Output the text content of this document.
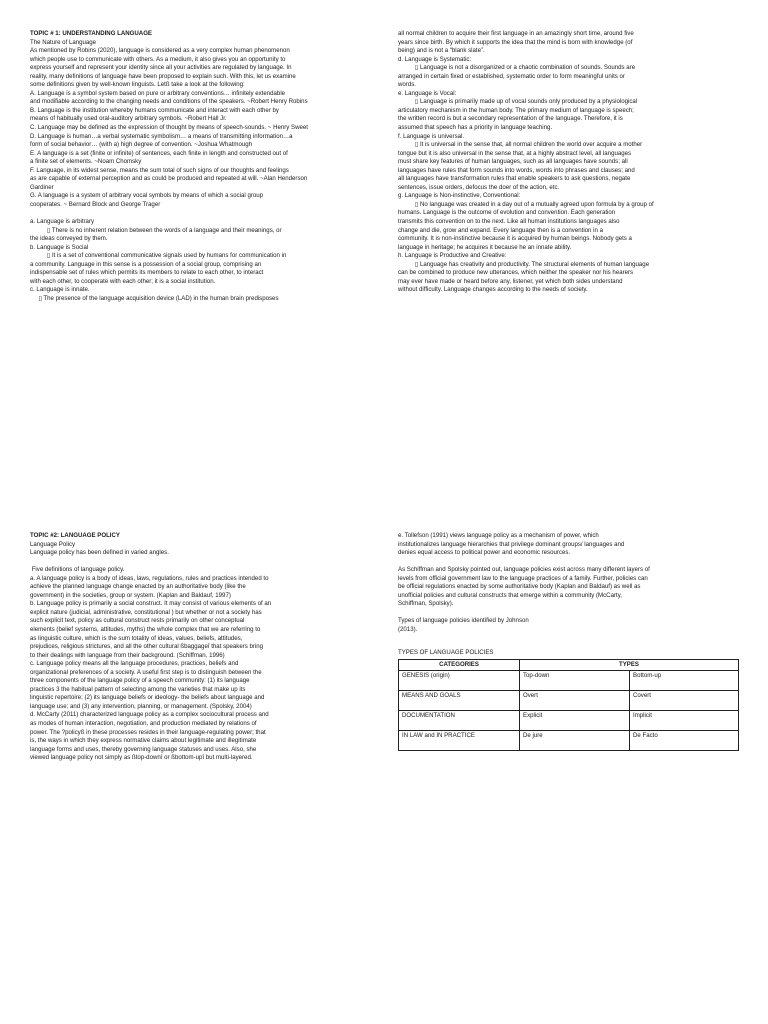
TOPIC # 1: UNDERSTANDING LANGUAGE
The Nature of Language
As mentioned by Robins (2020), language is considered as a very complex human phenomenon
which people use to communicate with others. As a medium, it also gives you an opportunity to
express yourself and represent your identity since all your activities are regulated by language. In
reality, many definitions of language have been proposed to explain such. With this, let us examine
some definitions given by well-known linguists. Letß take a look at the following:
A. Language is a symbol system based on pure or arbitrary conventions… infinitely extendable
and modifiable according to the changing needs and conditions of the speakers. ~Robert Henry Robins
B. Language is the institution whereby humans communicate and interact with each other by
means of habitually used oral-auditory arbitrary symbols. ~Robert Hall Jr.
C. Language may be defined as the expression of thought by means of speech-sounds. ~ Henry Sweet
D. Language is human…a verbal systematic symbolism… a means of transmitting information…a
form of social behavior… (with a) high degree of convention. ~Joshua Whatmough
E. A language is a set (finite or infinite) of sentences, each finite in length and constructed out of
a finite set of elements. ~Noam Chomsky
F. Language, in its widest sense, means the sum total of such signs of our thoughts and feelings
as are capable of external perception and as could be produced and repeated at will. ~Alan Henderson
Gardiner
G. A language is a system of arbitrary vocal symbols by means of which a social group
cooperates. ~ Bernard Block and George Trager
a. Language is arbitrary
▯ There is no inherent relation between the words of a language and their meanings, or
the ideas conveyed by them.
b. Language is Social
▯ It is a set of conventional communicative signals used by humans for communication in
a community. Language in this sense is a possession of a social group, comprising an
indispensable set of rules which permits its members to relate to each other, to interact
with each other, to cooperate with each other; it is a social institution.
c. Language is innate.
▯ The presence of the language acquisition device (LAD) in the human brain predisposes
all normal children to acquire their first language in an amazingly short time, around five
years since birth. By which it supports the idea that the mind is born with knowledge (of
being) and is not a “blank slate”.
d. Language is Systematic:
▯ Language is not a disorganized or a chaotic combination of sounds. Sounds are
arranged in certain fixed or established, systematic order to form meaningful units or
words.
e. Language is Vocal:
▯ Language is primarily made up of vocal sounds only produced by a physiological
articulatory mechanism in the human body. The primary medium of language is speech;
the written record is but a secondary representation of the language. Therefore, it is
assumed that speech has a priority in language teaching.
f. Language is universal.
▯ It is universal in the sense that, all normal children the world over acquire a mother
tongue but it is also universal in the sense that, at a highly abstract level, all languages
must share key features of human languages, such as all languages have sounds; all
languages have rules that form sounds into words, words into phrases and clauses; and
all languages have transformation rules that enable speakers to ask questions, negate
sentences, issue orders, defocus the doer of the action, etc.
g. Language is Non-instinctive, Conventional:
▯ No language was created in a day out of a mutually agreed upon formula by a group of
humans. Language is the outcome of evolution and convention. Each generation
transmits this convention on to the next. Like all human institutions languages also
change and die, grow and expand. Every language then is a convention in a
community. It is non-instinctive because it is acquired by human beings. Nobody gets a
language in heritage; he acquires it because he an innate ability.
h. Language is Productive and Creative:
▯ Language has creativity and productivity. The structural elements of human language
can be combined to produce new utterances, which neither the speaker nor his hearers
may ever have made or heard before any, listener, yet which both sides understand
without difficulty. Language changes according to the needs of society.
TOPIC #2: LANGUAGE POLICY
Language Policy
Language policy has been defined in varied angles.
Five definitions of language policy.
a. A language policy is a body of ideas, laws, regulations, rules and practices intended to
achieve the planned language change enacted by an authoritative body (like the
government) in the societies, group or system. (Kaplan and Baldauf, 1997)
b. Language policy is primarily a social construct. It may consist of various elements of an
explicit nature (judicial, administrative, constitutional ) but whether or not a society has
such explicit text, policy as cultural construct rests primarily on other conceptual
elements (belief systems, attitudes, myths) the whole complex that we are referring to
as linguistic culture, which is the sum totality of ideas, values, beliefs, attitudes,
prejudices, religious strictures, and all the other cultural ßbaggageî that speakers bring
to their dealings with language from their background. (Schiffman, 1996)
c. Language policy means all the language procedures, practices, beliefs and
organizational preferences of a society. A useful first step is to distinguish between the
three components of the language policy of a speech community: (1) its language
practices 3 the habitual pattern of selecting among the varieties that make up its
linguistic repertoire; (2) its language beliefs or ideology- the beliefs about language and
language use; and (3) any intervention, planning, or management. (Spolsky, 2004)
d. McCarty (2011) characterized language policy as a complex sociocultural process and
as modes of human interaction, negotiation, and production mediated by relations of
power. The ?policyß in these processes resides in their language-regulating power; that
is, the ways in which they express normative claims about legitimate and illegitimate
language forms and uses, thereby governing language statuses and uses. Also, she
viewed language policy not simply as ßtop-downî or ßbottom-upî but multi-layered.
e. Tollefson (1991) views language policy as a mechanism of power, which
institutionalizes language hierarchies that privilege dominant groups/ languages and
denies equal access to political power and economic resources.
As Schiffman and Spolsky pointed out, language policies exist across many different layers of
levels from official government law to the language practices of a family. Further, policies can
be official regulations enacted by some authoritative body (Kaplan and Baldauf) as well as
unofficial policies and cultural constructs that emerge within a community (McCarty,
Schiffman, Spolsky).
Types of language policies identified by Johnson
(2013).
TYPES OF LANGUAGE POLICIES
CATEGORIES	TYPES	
GENESIS (origin)	Top-down	Bottom-up
MEANS AND GOALS	Overt	Covert
DOCUMENTATION	Explicit	Implicit
IN LAW and IN PRACTICE	De jure	De Facto
